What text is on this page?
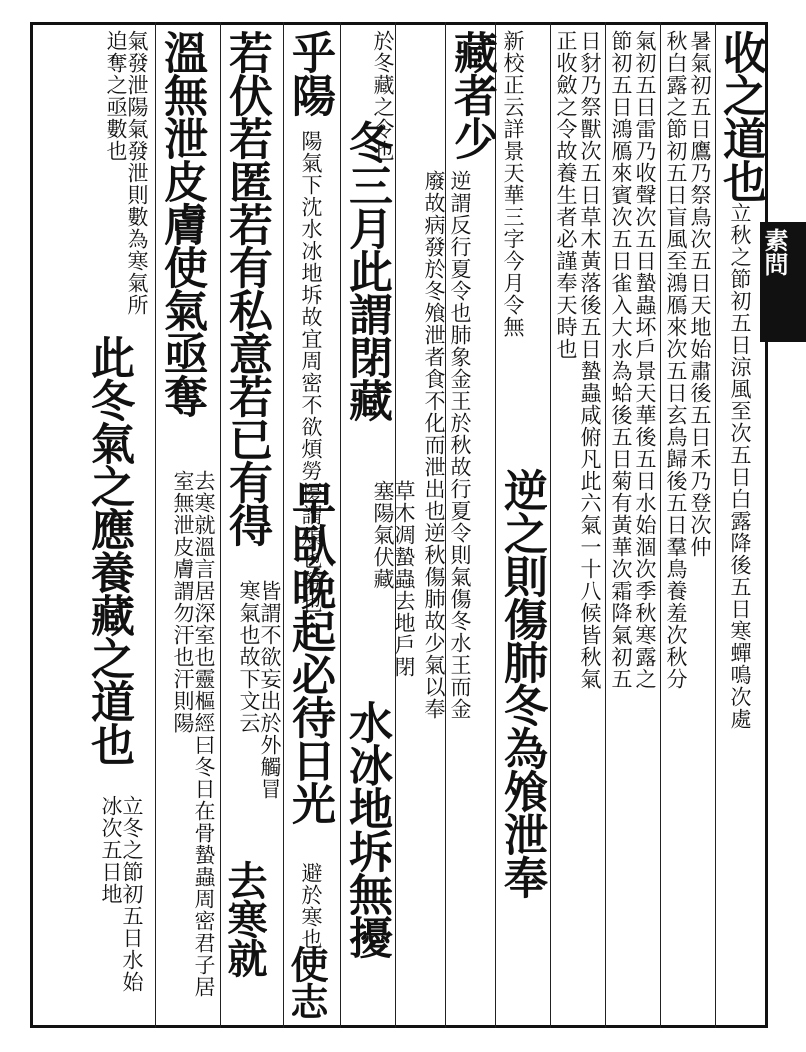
收之道也立秋之節初五日涼風至次五日白露降後五日寒蟬鳴次處
暑氣初五日鷹乃祭鳥次五日天地始肅後五日禾乃登次仲
秋白露之節初五日盲風至鴻鴈來次五日玄鳥歸後五日羣鳥養羞次秋分
氣初五日雷乃收聲次五日蟄蟲坏戶景天華後五日水始涸次季秋寒露之
節初五日鴻鴈來賓次五日雀入大水為蛤後五日菊有黃華次霜降氣初五
日豺乃祭獸次五日草木黃落後五日蟄蟲咸俯凡此六氣一十八候皆秋氣
正收斂之令故養生者必謹奉天時也
新校正云詳景天華三字今月令無
逆之則傷肺冬為飧泄奉
藏者少
逆謂反行夏令也肺象金王於秋故行夏令則氣傷冬水王而金
廢故病發於冬飧泄者食不化而泄出也逆秋傷肺故少氣以奉
於冬藏之令也
冬三月此謂閉藏
草木凋蟄蟲去地戶閉塞陽氣伏藏
水冰地坼無擾
乎陽
陽氣下沈水冰地坼故宜周密不欲煩勞擾謂煩也勞也
早臥晚起必待日光
避於寒也
使志
若伏若匿若有私意若已有得
皆謂不欲妄出於外觸冒寒氣也故下文云
去寒就
溫無泄皮膚使氣亟奪
去寒就溫言居深室也靈樞經曰冬日在骨蟄蟲周密君子居室無泄皮膚謂勿汗也汗則陽
氣發泄陽氣發泄則數為寒氣所迫奪之亟數也
此冬氣之應養藏之道也
立冬之節初五日水始冰次五日地
素問
